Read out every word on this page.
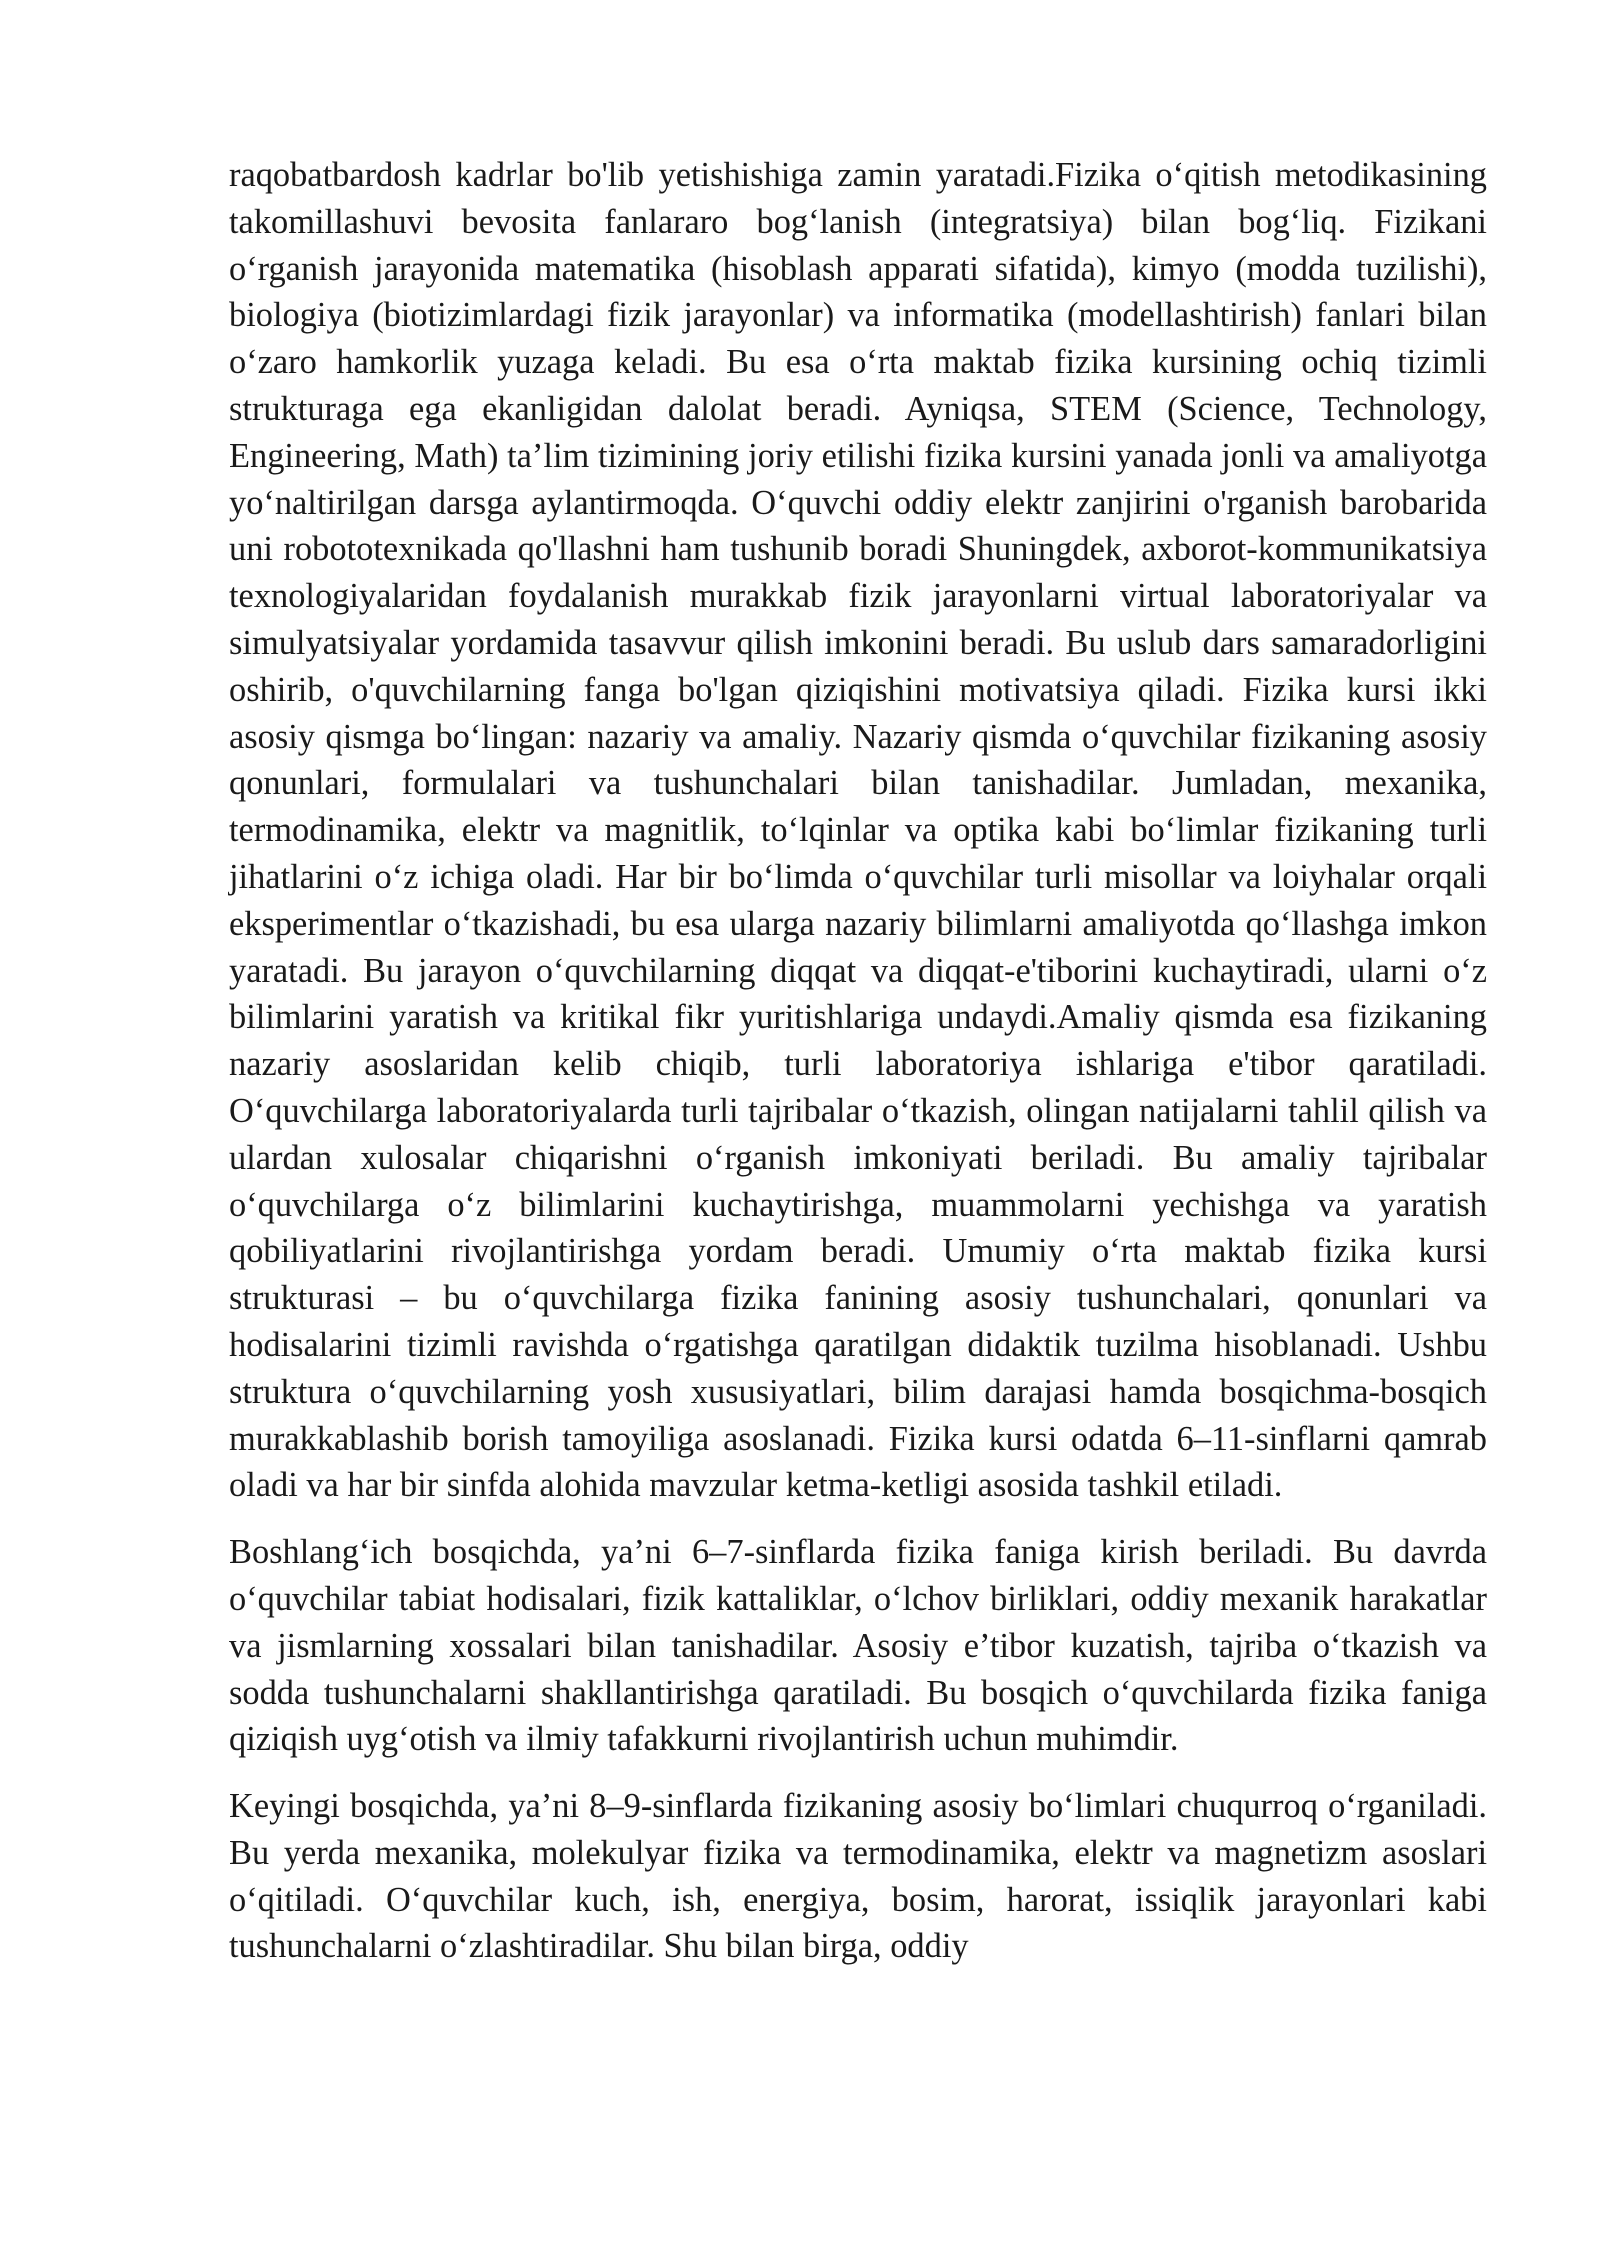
raqobatbardosh kadrlar bo'lib yetishishiga zamin yaratadi.Fizika oʻqitish metodikasining takomillashuvi bevosita fanlararo bogʻlanish (integratsiya) bilan bogʻliq. Fizikani oʻrganish jarayonida matematika (hisoblash apparati sifatida), kimyo (modda tuzilishi), biologiya (biotizimlardagi fizik jarayonlar) va informatika (modellashtirish) fanlari bilan oʻzaro hamkorlik yuzaga keladi. Bu esa oʻrta maktab fizika kursining ochiq tizimli strukturaga ega ekanligidan dalolat beradi. Ayniqsa, STEM (Science, Technology, Engineering, Math) ta’lim tizimining joriy etilishi fizika kursini yanada jonli va amaliyotga yoʻnaltirilgan darsga aylantirmoqda. Oʻquvchi oddiy elektr zanjirini o'rganish barobarida uni robototexnikada qo'llashni ham tushunib boradi Shuningdek, axborot-kommunikatsiya texnologiyalaridan foydalanish murakkab fizik jarayonlarni virtual laboratoriyalar va simulyatsiyalar yordamida tasavvur qilish imkonini beradi. Bu uslub dars samaradorligini oshirib, o'quvchilarning fanga bo'lgan qiziqishini motivatsiya qiladi. Fizika kursi ikki asosiy qismga boʻlingan: nazariy va amaliy. Nazariy qismda oʻquvchilar fizikaning asosiy qonunlari, formulalari va tushunchalari bilan tanishadilar. Jumladan, mexanika, termodinamika, elektr va magnitlik, toʻlqinlar va optika kabi boʻlimlar fizikaning turli jihatlarini oʻz ichiga oladi. Har bir boʻlimda oʻquvchilar turli misollar va loiyhalar orqali eksperimentlar oʻtkazishadi, bu esa ularga nazariy bilimlarni amaliyotda qoʻllashga imkon yaratadi. Bu jarayon oʻquvchilarning diqqat va diqqat-e'tiborini kuchaytiradi, ularni oʻz bilimlarini yaratish va kritikal fikr yuritishlariga undaydi.Amaliy qismda esa fizikaning nazariy asoslaridan kelib chiqib, turli laboratoriya ishlariga e'tibor qaratiladi. Oʻquvchilarga laboratoriyalarda turli tajribalar oʻtkazish, olingan natijalarni tahlil qilish va ulardan xulosalar chiqarishni oʻrganish imkoniyati beriladi. Bu amaliy tajribalar oʻquvchilarga oʻz bilimlarini kuchaytirishga, muammolarni yechishga va yaratish qobiliyatlarini rivojlantirishga yordam beradi. Umumiy oʻrta maktab fizika kursi strukturasi – bu oʻquvchilarga fizika fanining asosiy tushunchalari, qonunlari va hodisalarini tizimli ravishda oʻrgatishga qaratilgan didaktik tuzilma hisoblanadi. Ushbu struktura oʻquvchilarning yosh xususiyatlari, bilim darajasi hamda bosqichma-bosqich murakkablashib borish tamoyiliga asoslanadi. Fizika kursi odatda 6–11-sinflarni qamrab oladi va har bir sinfda alohida mavzular ketma-ketligi asosida tashkil etiladi.

Boshlangʻich bosqichda, ya’ni 6–7-sinflarda fizika faniga kirish beriladi. Bu davrda oʻquvchilar tabiat hodisalari, fizik kattaliklar, oʻlchov birliklari, oddiy mexanik harakatlar va jismlarning xossalari bilan tanishadilar. Asosiy e’tibor kuzatish, tajriba oʻtkazish va sodda tushunchalarni shakllantirishga qaratiladi. Bu bosqich oʻquvchilarda fizika faniga qiziqish uygʻotish va ilmiy tafakkurni rivojlantirish uchun muhimdir.

Keyingi bosqichda, ya’ni 8–9-sinflarda fizikaning asosiy boʻlimlari chuqurroq oʻrganiladi. Bu yerda mexanika, molekulyar fizika va termodinamika, elektr va magnetizm asoslari oʻqitiladi. Oʻquvchilar kuch, ish, energiya, bosim, harorat, issiqlik jarayonlari kabi tushunchalarni oʻzlashtiradilar. Shu bilan birga, oddiy
